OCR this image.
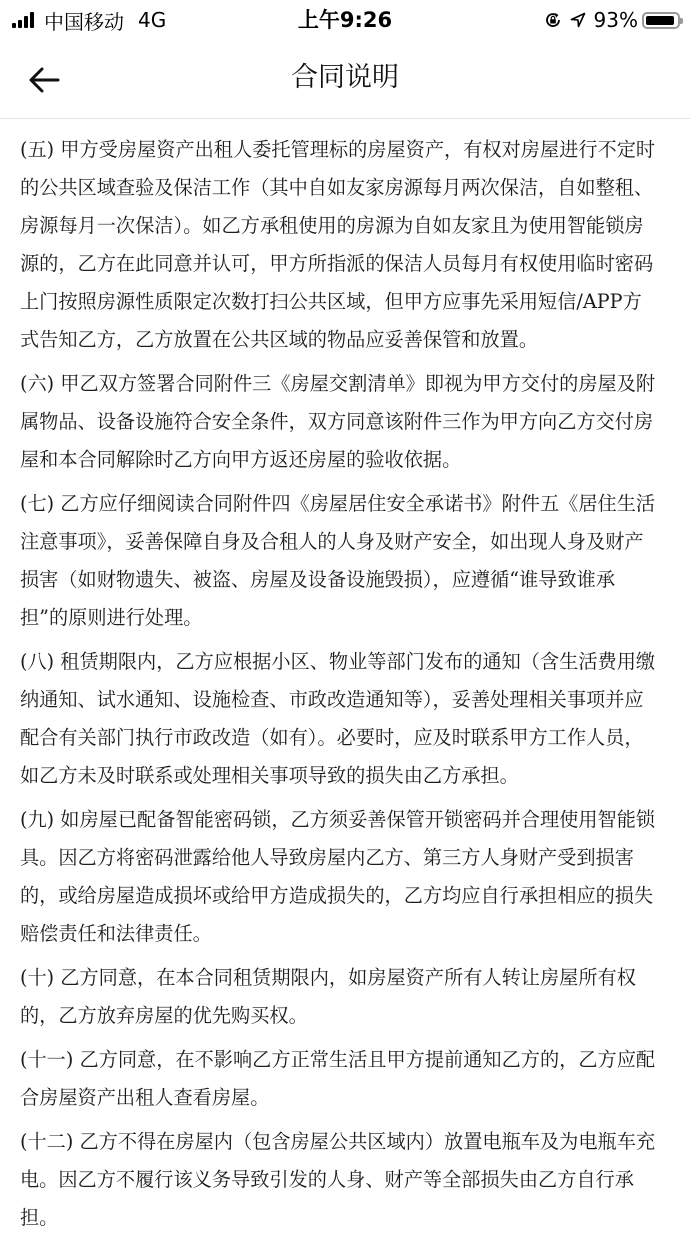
中国移动 4G	上午9:26	93%
合同说明
(五) 甲方受房屋资产出租人委托管理标的房屋资产，有权对房屋进行不定时
的公共区域查验及保洁工作（其中自如友家房源每月两次保洁，自如整租、
房源每月一次保洁）。如乙方承租使用的房源为自如友家且为使用智能锁房
源的，乙方在此同意并认可，甲方所指派的保洁人员每月有权使用临时密码
上门按照房源性质限定次数打扫公共区域，但甲方应事先采用短信/APP方
式告知乙方，乙方放置在公共区域的物品应妥善保管和放置。
(六) 甲乙双方签署合同附件三《房屋交割清单》即视为甲方交付的房屋及附
属物品、设备设施符合安全条件，双方同意该附件三作为甲方向乙方交付房
屋和本合同解除时乙方向甲方返还房屋的验收依据。
(七) 乙方应仔细阅读合同附件四《房屋居住安全承诺书》附件五《居住生活
注意事项》，妥善保障自身及合租人的人身及财产安全，如出现人身及财产
损害（如财物遗失、被盗、房屋及设备设施毁损），应遵循“谁导致谁承
担”的原则进行处理。
(八) 租赁期限内，乙方应根据小区、物业等部门发布的通知（含生活费用缴
纳通知、试水通知、设施检查、市政改造通知等），妥善处理相关事项并应
配合有关部门执行市政改造（如有）。必要时，应及时联系甲方工作人员，
如乙方未及时联系或处理相关事项导致的损失由乙方承担。
(九) 如房屋已配备智能密码锁，乙方须妥善保管开锁密码并合理使用智能锁
具。因乙方将密码泄露给他人导致房屋内乙方、第三方人身财产受到损害
的，或给房屋造成损坏或给甲方造成损失的，乙方均应自行承担相应的损失
赔偿责任和法律责任。
(十) 乙方同意，在本合同租赁期限内，如房屋资产所有人转让房屋所有权
的，乙方放弃房屋的优先购买权。
(十一) 乙方同意，在不影响乙方正常生活且甲方提前通知乙方的，乙方应配
合房屋资产出租人查看房屋。
(十二) 乙方不得在房屋内（包含房屋公共区域内）放置电瓶车及为电瓶车充
电。因乙方不履行该义务导致引发的人身、财产等全部损失由乙方自行承
担。
